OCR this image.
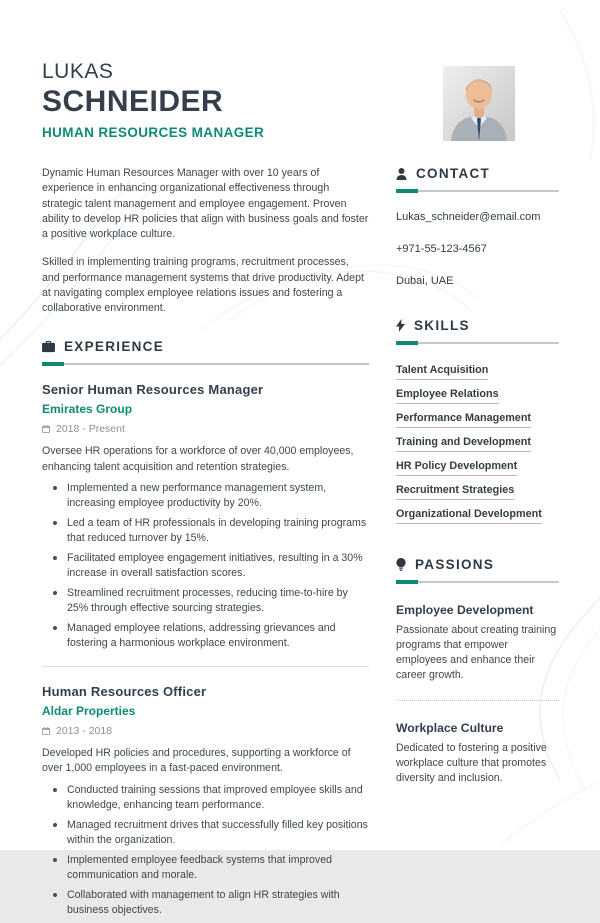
LUKAS
SCHNEIDER
HUMAN RESOURCES MANAGER

Dynamic Human Resources Manager with over 10 years of experience in enhancing organizational effectiveness through strategic talent management and employee engagement. Proven ability to develop HR policies that align with business goals and foster a positive workplace culture.

Skilled in implementing training programs, recruitment processes, and performance management systems that drive productivity. Adept at navigating complex employee relations issues and fostering a collaborative environment.

EXPERIENCE
Senior Human Resources Manager
Emirates Group
2018 - Present
Oversee HR operations for a workforce of over 40,000 employees, enhancing talent acquisition and retention strategies.
Implemented a new performance management system, increasing employee productivity by 20%.
Led a team of HR professionals in developing training programs that reduced turnover by 15%.
Facilitated employee engagement initiatives, resulting in a 30% increase in overall satisfaction scores.
Streamlined recruitment processes, reducing time-to-hire by 25% through effective sourcing strategies.
Managed employee relations, addressing grievances and fostering a harmonious workplace environment.
Human Resources Officer
Aldar Properties
2013 - 2018
Developed HR policies and procedures, supporting a workforce of over 1,000 employees in a fast-paced environment.
Conducted training sessions that improved employee skills and knowledge, enhancing team performance.
Managed recruitment drives that successfully filled key positions within the organization.
Implemented employee feedback systems that improved communication and morale.
Collaborated with management to align HR strategies with business objectives.
CONTACT
Lukas_schneider@email.com
+971-55-123-4567
Dubai, UAE
SKILLS
Talent Acquisition
Employee Relations
Performance Management
Training and Development
HR Policy Development
Recruitment Strategies
Organizational Development
PASSIONS
Employee Development
Passionate about creating training programs that empower employees and enhance their career growth.
Workplace Culture
Dedicated to fostering a positive workplace culture that promotes diversity and inclusion.
